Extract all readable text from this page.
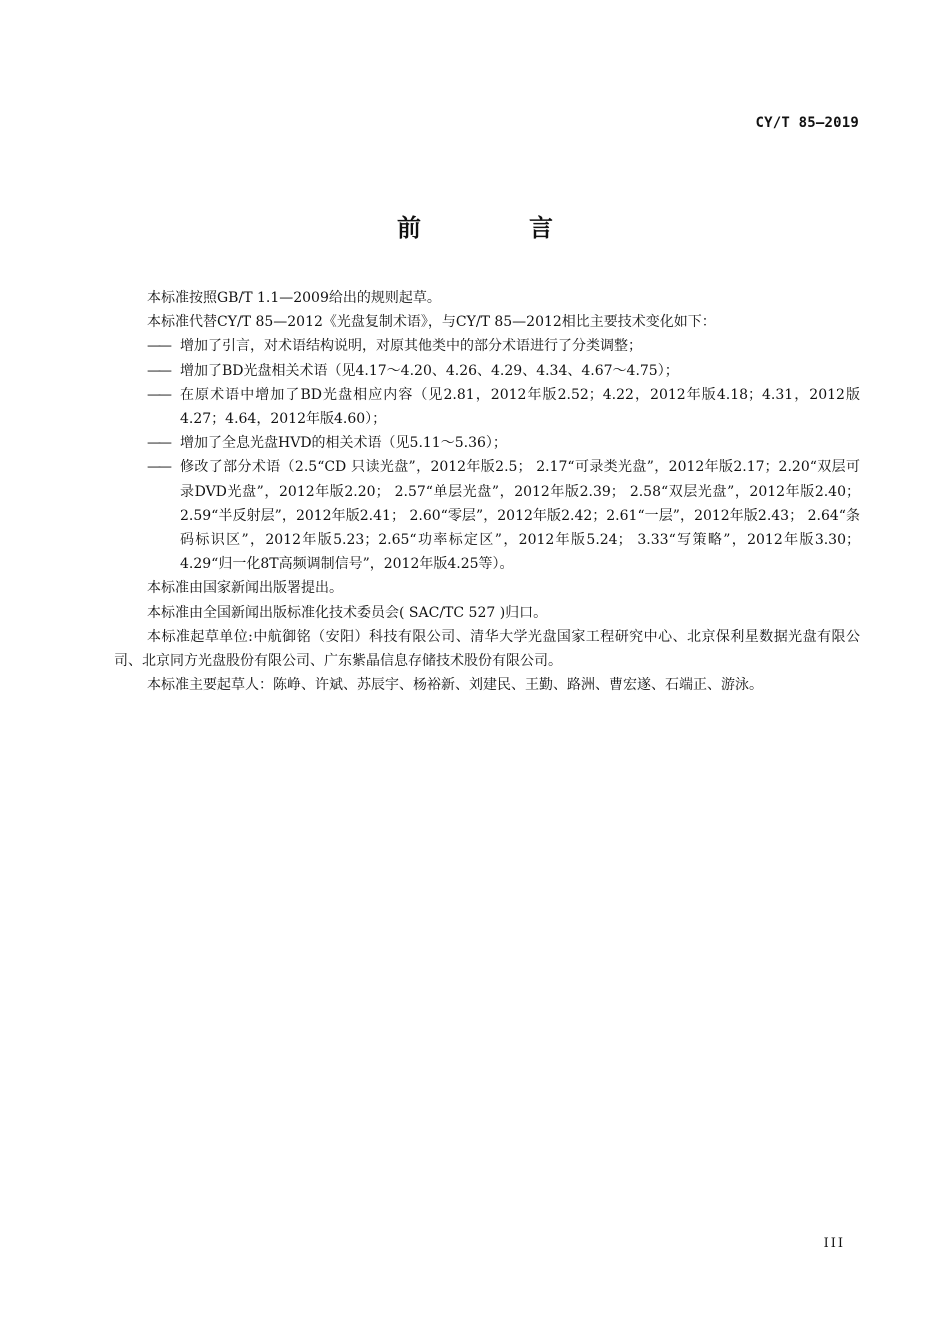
CY/T 85—2019
前　言

本标准按照GB/T 1.1—2009给出的规则起草。

本标准代替CY/T 85—2012《光盘复制术语》，与CY/T 85—2012相比主要技术变化如下：

—— 增加了引言，对术语结构说明，对原其他类中的部分术语进行了分类调整；

—— 增加了BD光盘相关术语（见4.17～4.20、4.26、4.29、4.34、4.67～4.75）；

—— 在原术语中增加了BD光盘相应内容（见2.81，2012年版2.52；4.22，2012年版4.18；4.31，2012版4.27；4.64，2012年版4.60）；

—— 增加了全息光盘HVD的相关术语（见5.11～5.36）；

—— 修改了部分术语（2.5“CD 只读光盘”，2012年版2.5； 2.17“可录类光盘”，2012年版2.17；2.20“双层可录DVD光盘”，2012年版2.20； 2.57“单层光盘”，2012年版2.39； 2.58“双层光盘”，2012年版2.40； 2.59“半反射层”，2012年版2.41； 2.60“零层”，2012年版2.42；2.61“一层”，2012年版2.43； 2.64“条码标识区”，2012年版5.23；2.65“功率标定区”，2012年版5.24； 3.33“写策略”，2012年版3.30； 4.29“归一化8T高频调制信号”，2012年版4.25等）。

本标准由国家新闻出版署提出。

本标准由全国新闻出版标准化技术委员会( SAC/TC 527 )归口。

本标准起草单位:中航御铭（安阳）科技有限公司、清华大学光盘国家工程研究中心、北京保利星数据光盘有限公司、北京同方光盘股份有限公司、广东紫晶信息存储技术股份有限公司。

本标准主要起草人：陈峥、许斌、苏辰宇、杨裕新、刘建民、王勤、路洲、曹宏遂、石端正、游泳。

III
